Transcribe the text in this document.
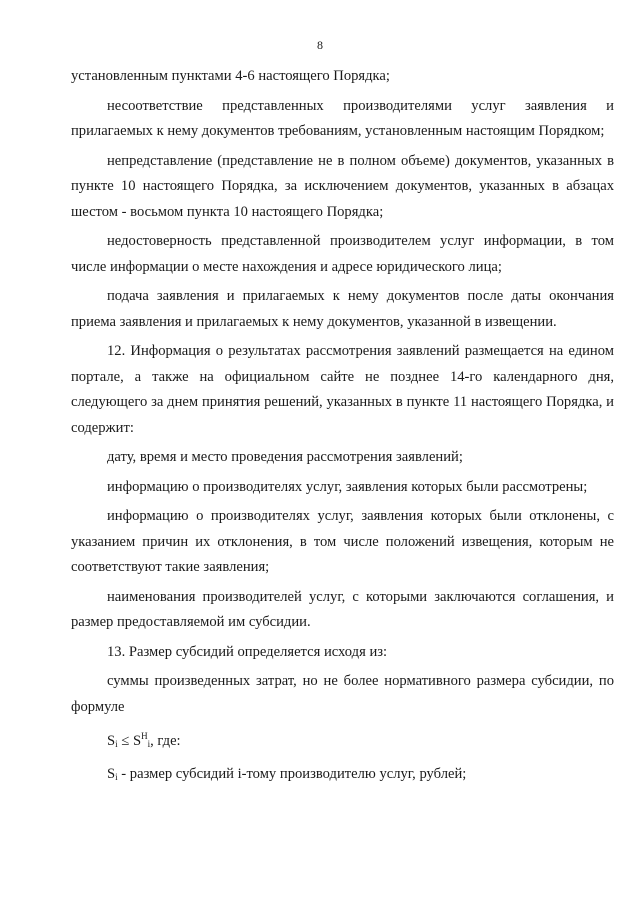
8

установленным пунктами 4-6 настоящего Порядка;

несоответствие представленных производителями услуг заявления и прилагаемых к нему документов требованиям, установленным настоящим Порядком;

непредставление (представление не в полном объеме) документов, указанных в пункте 10 настоящего Порядка, за исключением документов, указанных в абзацах шестом - восьмом пункта 10 настоящего Порядка;

недостоверность представленной производителем услуг информации, в том числе информации о месте нахождения и адресе юридического лица;

подача заявления и прилагаемых к нему документов после даты окончания приема заявления и прилагаемых к нему документов, указанной в извещении.

12. Информация о результатах рассмотрения заявлений размещается на едином портале, а также на официальном сайте не позднее 14-го календарного дня, следующего за днем принятия решений, указанных в пункте 11 настоящего Порядка, и содержит:

дату, время и место проведения рассмотрения заявлений;

информацию о производителях услуг, заявления которых были рассмотрены;

информацию о производителях услуг, заявления которых были отклонены, с указанием причин их отклонения, в том числе положений извещения, которым не соответствуют такие заявления;

наименования производителей услуг, с которыми заключаются соглашения, и размер предоставляемой им субсидии.

13. Размер субсидий определяется исходя из:

суммы произведенных затрат, но не более нормативного размера субсидии, по формуле

$S_i \le S^Н_i$, где:

$S_i$ - размер субсидий i-тому производителю услуг, рублей;
